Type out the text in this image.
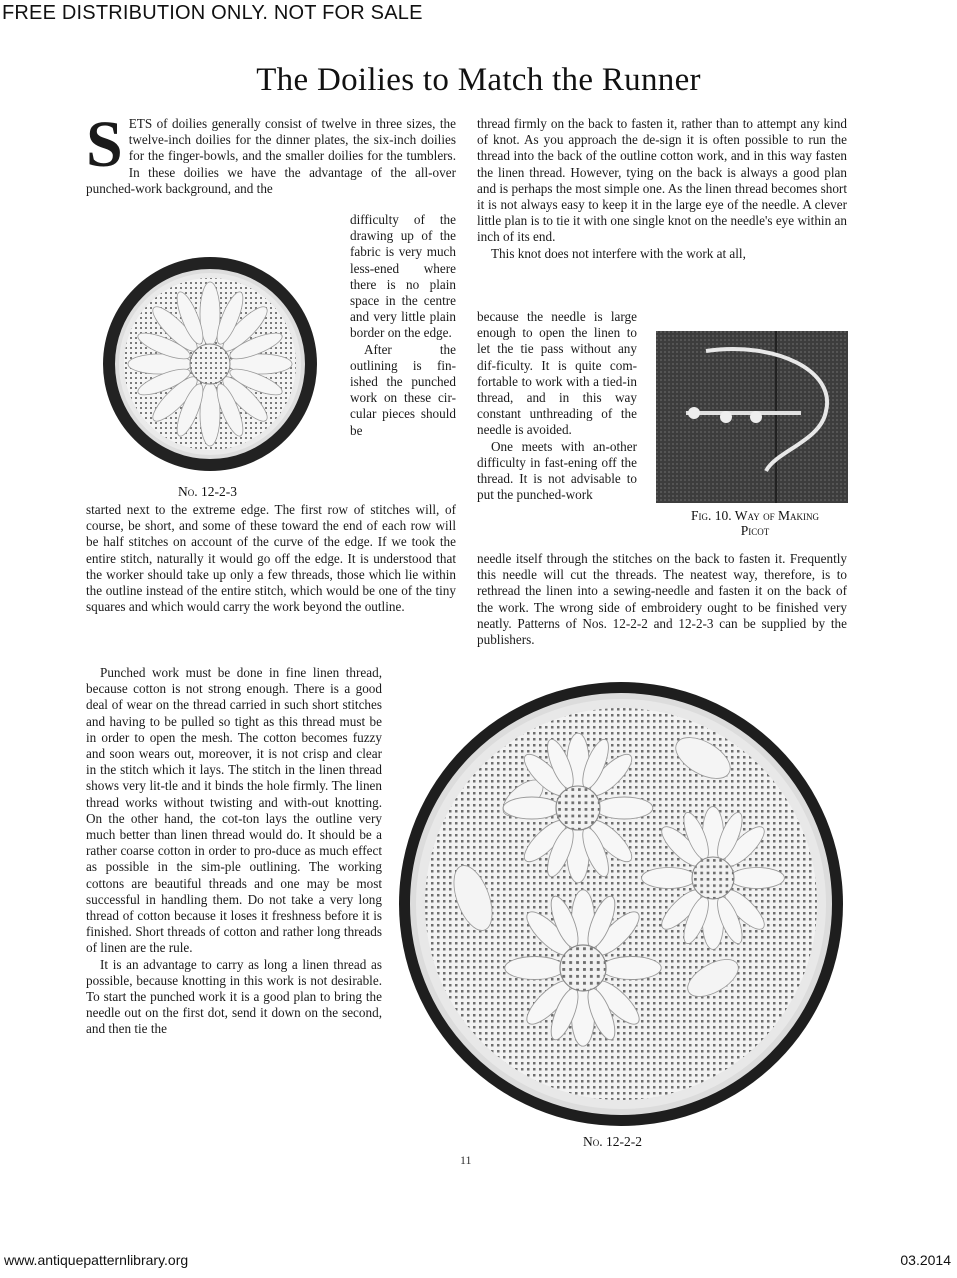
FREE DISTRIBUTION ONLY. NOT FOR SALE
The Doilies to Match the Runner

SETS of doilies generally consist of twelve in three sizes, the twelve-inch doilies for the dinner plates, the six-inch doilies for the finger-bowls, and the smaller doilies for the tumblers. In these doilies we have the advantage of the all-over punched-work background, and the

difficulty of the drawing up of the fabric is very much less-ened where there is no plain space in the centre and very little plain border on the edge.

After the outlining is fin-ished the punched work on these cir-cular pieces should be

No. 12-2-3

started next to the extreme edge. The first row of stitches will, of course, be short, and some of these toward the end of each row will be half stitches on account of the curve of the edge. If we took the entire stitch, naturally it would go off the edge. It is understood that the worker should take up only a few threads, those which lie within the outline instead of the entire stitch, which would be one of the tiny squares and which would carry the work beyond the outline.

Punched work must be done in fine linen thread, because cotton is not strong enough. There is a good deal of wear on the thread carried in such short stitches and having to be pulled so tight as this thread must be in order to open the mesh. The cotton becomes fuzzy and soon wears out, moreover, it is not crisp and clear in the stitch which it lays. The stitch in the linen thread shows very lit-tle and it binds the hole firmly. The linen thread works without twisting and with-out knotting. On the other hand, the cot-ton lays the outline very much better than linen thread would do. It should be a rather coarse cotton in order to pro-duce as much effect as possible in the sim-ple outlining. The working cottons are beautiful threads and one may be most successful in handling them. Do not take a very long thread of cotton because it loses it freshness before it is finished. Short threads of cotton and rather long threads of linen are the rule.

It is an advantage to carry as long a linen thread as possible, because knotting in this work is not desirable. To start the punched work it is a good plan to bring the needle out on the first dot, send it down on the second, and then tie the

thread firmly on the back to fasten it, rather than to attempt any kind of knot. As you approach the de-sign it is often possible to run the thread into the back of the outline cotton work, and in this way fasten the linen thread. However, tying on the back is always a good plan and is perhaps the most simple one. As the linen thread becomes short it is not always easy to keep it in the large eye of the needle. A clever little plan is to tie it with one single knot on the needle's eye within an inch of its end.

This knot does not interfere with the work at all,

because the needle is large enough to open the linen to let the tie pass without any dif-ficulty. It is quite com-fortable to work with a tied-in thread, and in this way constant unthreading of the needle is avoided.

One meets with an-other difficulty in fast-ening off the thread. It is not advisable to put the punched-work

Fig. 10. Way of Making
Picot

needle itself through the stitches on the back to fasten it. Frequently this needle will cut the threads. The neatest way, therefore, is to rethread the linen into a sewing-needle and fasten it on the back of the work. The wrong side of embroidery ought to be finished very neatly. Patterns of Nos. 12-2-2 and 12-2-3 can be supplied by the publishers.

No. 12-2-2
11
www.antiquepatternlibrary.org	03.2014
